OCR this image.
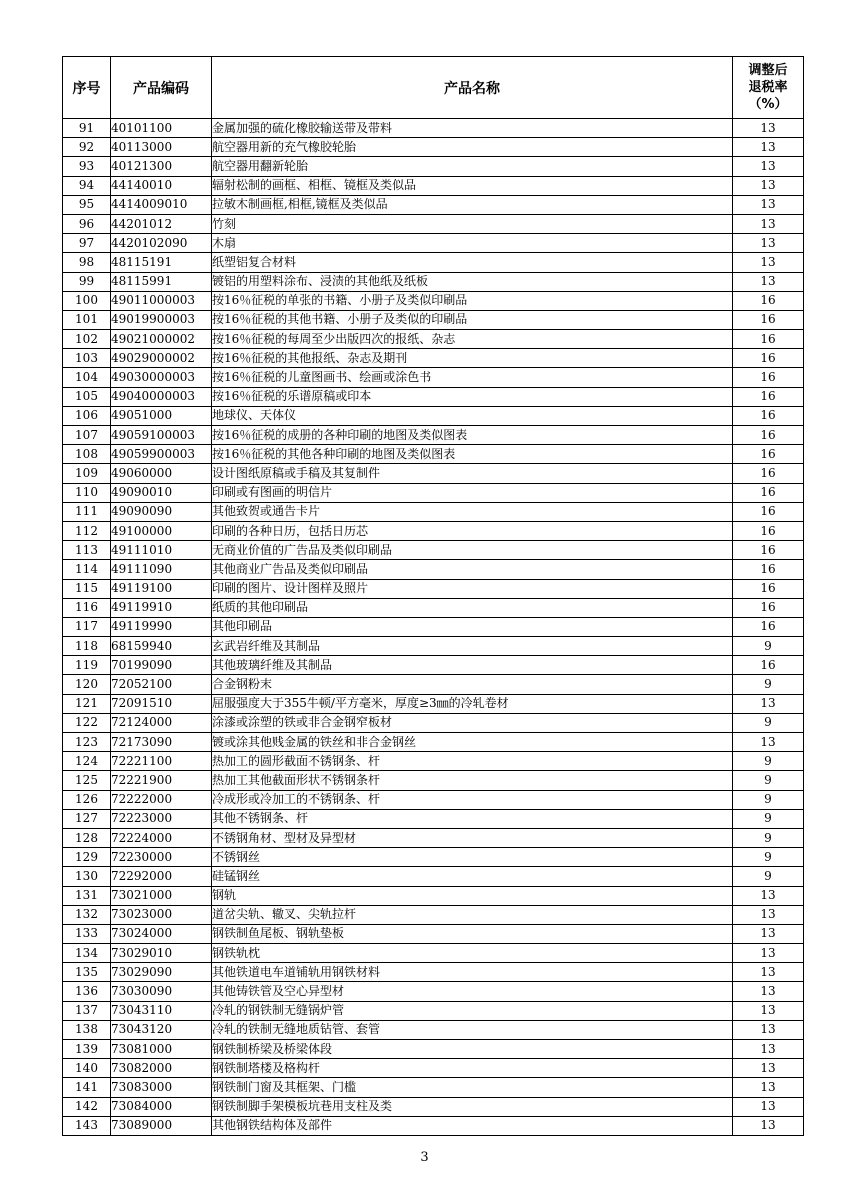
序号	产品编码	产品名称	调整后
退税率
（%）

91	40101100	金属加强的硫化橡胶输送带及带料	13
92	40113000	航空器用新的充气橡胶轮胎	13
93	40121300	航空器用翻新轮胎	13
94	44140010	辐射松制的画框、相框、镜框及类似品	13
95	4414009010	拉敏木制画框,相框,镜框及类似品	13
96	44201012	竹刻	13
97	4420102090	木扇	13
98	48115191	纸塑铝复合材料	13
99	48115991	镀铝的用塑料涂布、浸渍的其他纸及纸板	13
100	49011000003	按16％征税的单张的书籍、小册子及类似印刷品	16
101	49019900003	按16％征税的其他书籍、小册子及类似的印刷品	16
102	49021000002	按16％征税的每周至少出版四次的报纸、杂志	16
103	49029000002	按16％征税的其他报纸、杂志及期刊	16
104	49030000003	按16％征税的儿童图画书、绘画或涂色书	16
105	49040000003	按16％征税的乐谱原稿或印本	16
106	49051000	地球仪、天体仪	16
107	49059100003	按16％征税的成册的各种印刷的地图及类似图表	16
108	49059900003	按16％征税的其他各种印刷的地图及类似图表	16
109	49060000	设计图纸原稿或手稿及其复制件	16
110	49090010	印刷或有图画的明信片	16
111	49090090	其他致贺或通告卡片	16
112	49100000	印刷的各种日历，包括日历芯	16
113	49111010	无商业价值的广告品及类似印刷品	16
114	49111090	其他商业广告品及类似印刷品	16
115	49119100	印刷的图片、设计图样及照片	16
116	49119910	纸质的其他印刷品	16
117	49119990	其他印刷品	16
118	68159940	玄武岩纤维及其制品	9
119	70199090	其他玻璃纤维及其制品	16
120	72052100	合金钢粉末	9
121	72091510	屈服强度大于355牛顿/平方毫米，厚度≥3㎜的冷轧卷材	13
122	72124000	涂漆或涂塑的铁或非合金钢窄板材	9
123	72173090	镀或涂其他贱金属的铁丝和非合金钢丝	13
124	72221100	热加工的圆形截面不锈钢条、杆	9
125	72221900	热加工其他截面形状不锈钢条杆	9
126	72222000	冷成形或冷加工的不锈钢条、杆	9
127	72223000	其他不锈钢条、杆	9
128	72224000	不锈钢角材、型材及异型材	9
129	72230000	不锈钢丝	9
130	72292000	硅锰钢丝	9
131	73021000	钢轨	13
132	73023000	道岔尖轨、辙叉、尖轨拉杆	13
133	73024000	钢铁制鱼尾板、钢轨垫板	13
134	73029010	钢铁轨枕	13
135	73029090	其他铁道电车道铺轨用钢铁材料	13
136	73030090	其他铸铁管及空心异型材	13
137	73043110	冷轧的钢铁制无缝锅炉管	13
138	73043120	冷轧的铁制无缝地质钻管、套管	13
139	73081000	钢铁制桥梁及桥梁体段	13
140	73082000	钢铁制塔楼及格构杆	13
141	73083000	钢铁制门窗及其框架、门槛	13
142	73084000	钢铁制脚手架模板坑巷用支柱及类	13
143	73089000	其他钢铁结构体及部件	13
3
